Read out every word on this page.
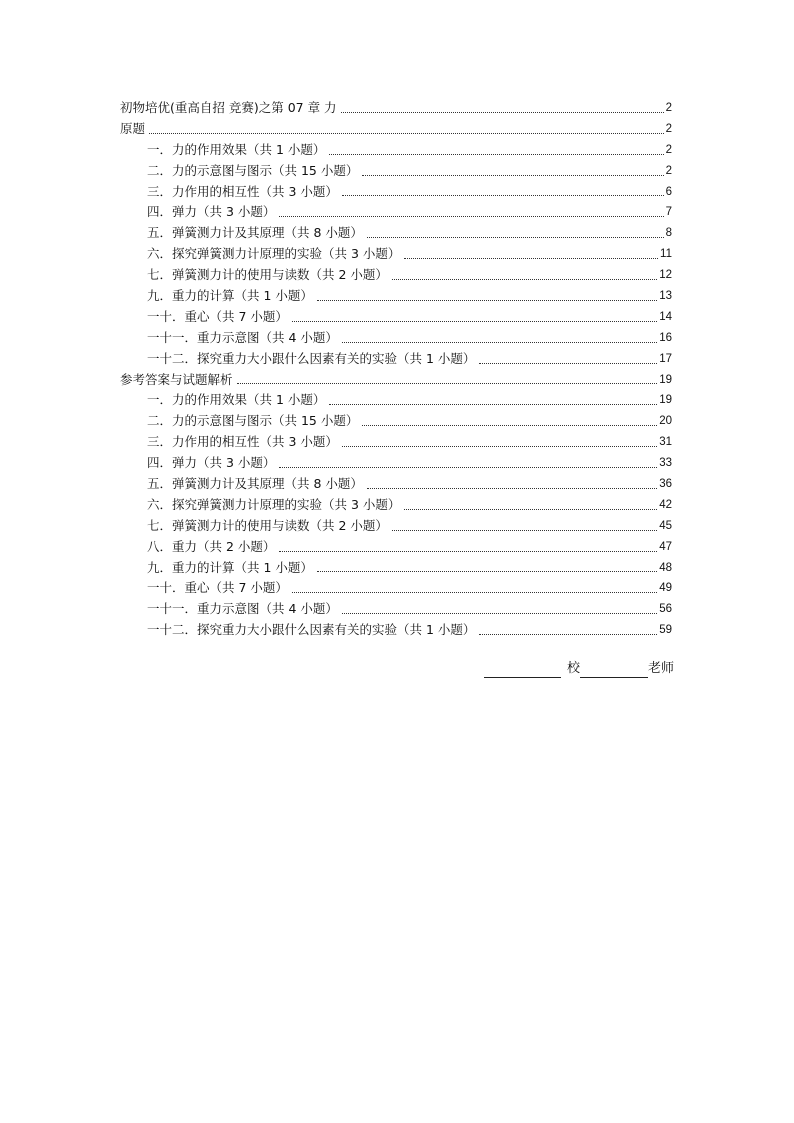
初物培优(重高自招 竞赛)之第 07 章 力	2
原题	2
一．力的作用效果（共 1 小题）	2
二．力的示意图与图示（共 15 小题）	2
三．力作用的相互性（共 3 小题）	6
四．弹力（共 3 小题）	7
五．弹簧测力计及其原理（共 8 小题）	8
六．探究弹簧测力计原理的实验（共 3 小题）	11
七．弹簧测力计的使用与读数（共 2 小题）	12
九．重力的计算（共 1 小题）	13
一十．重心（共 7 小题）	14
一十一．重力示意图（共 4 小题）	16
一十二．探究重力大小跟什么因素有关的实验（共 1 小题）	17
参考答案与试题解析	19
一．力的作用效果（共 1 小题）	19
二．力的示意图与图示（共 15 小题）	20
三．力作用的相互性（共 3 小题）	31
四．弹力（共 3 小题）	33
五．弹簧测力计及其原理（共 8 小题）	36
六．探究弹簧测力计原理的实验（共 3 小题）	42
七．弹簧测力计的使用与读数（共 2 小题）	45
八．重力（共 2 小题）	47
九．重力的计算（共 1 小题）	48
一十．重心（共 7 小题）	49
一十一．重力示意图（共 4 小题）	56
一十二．探究重力大小跟什么因素有关的实验（共 1 小题）	59
校	老师
